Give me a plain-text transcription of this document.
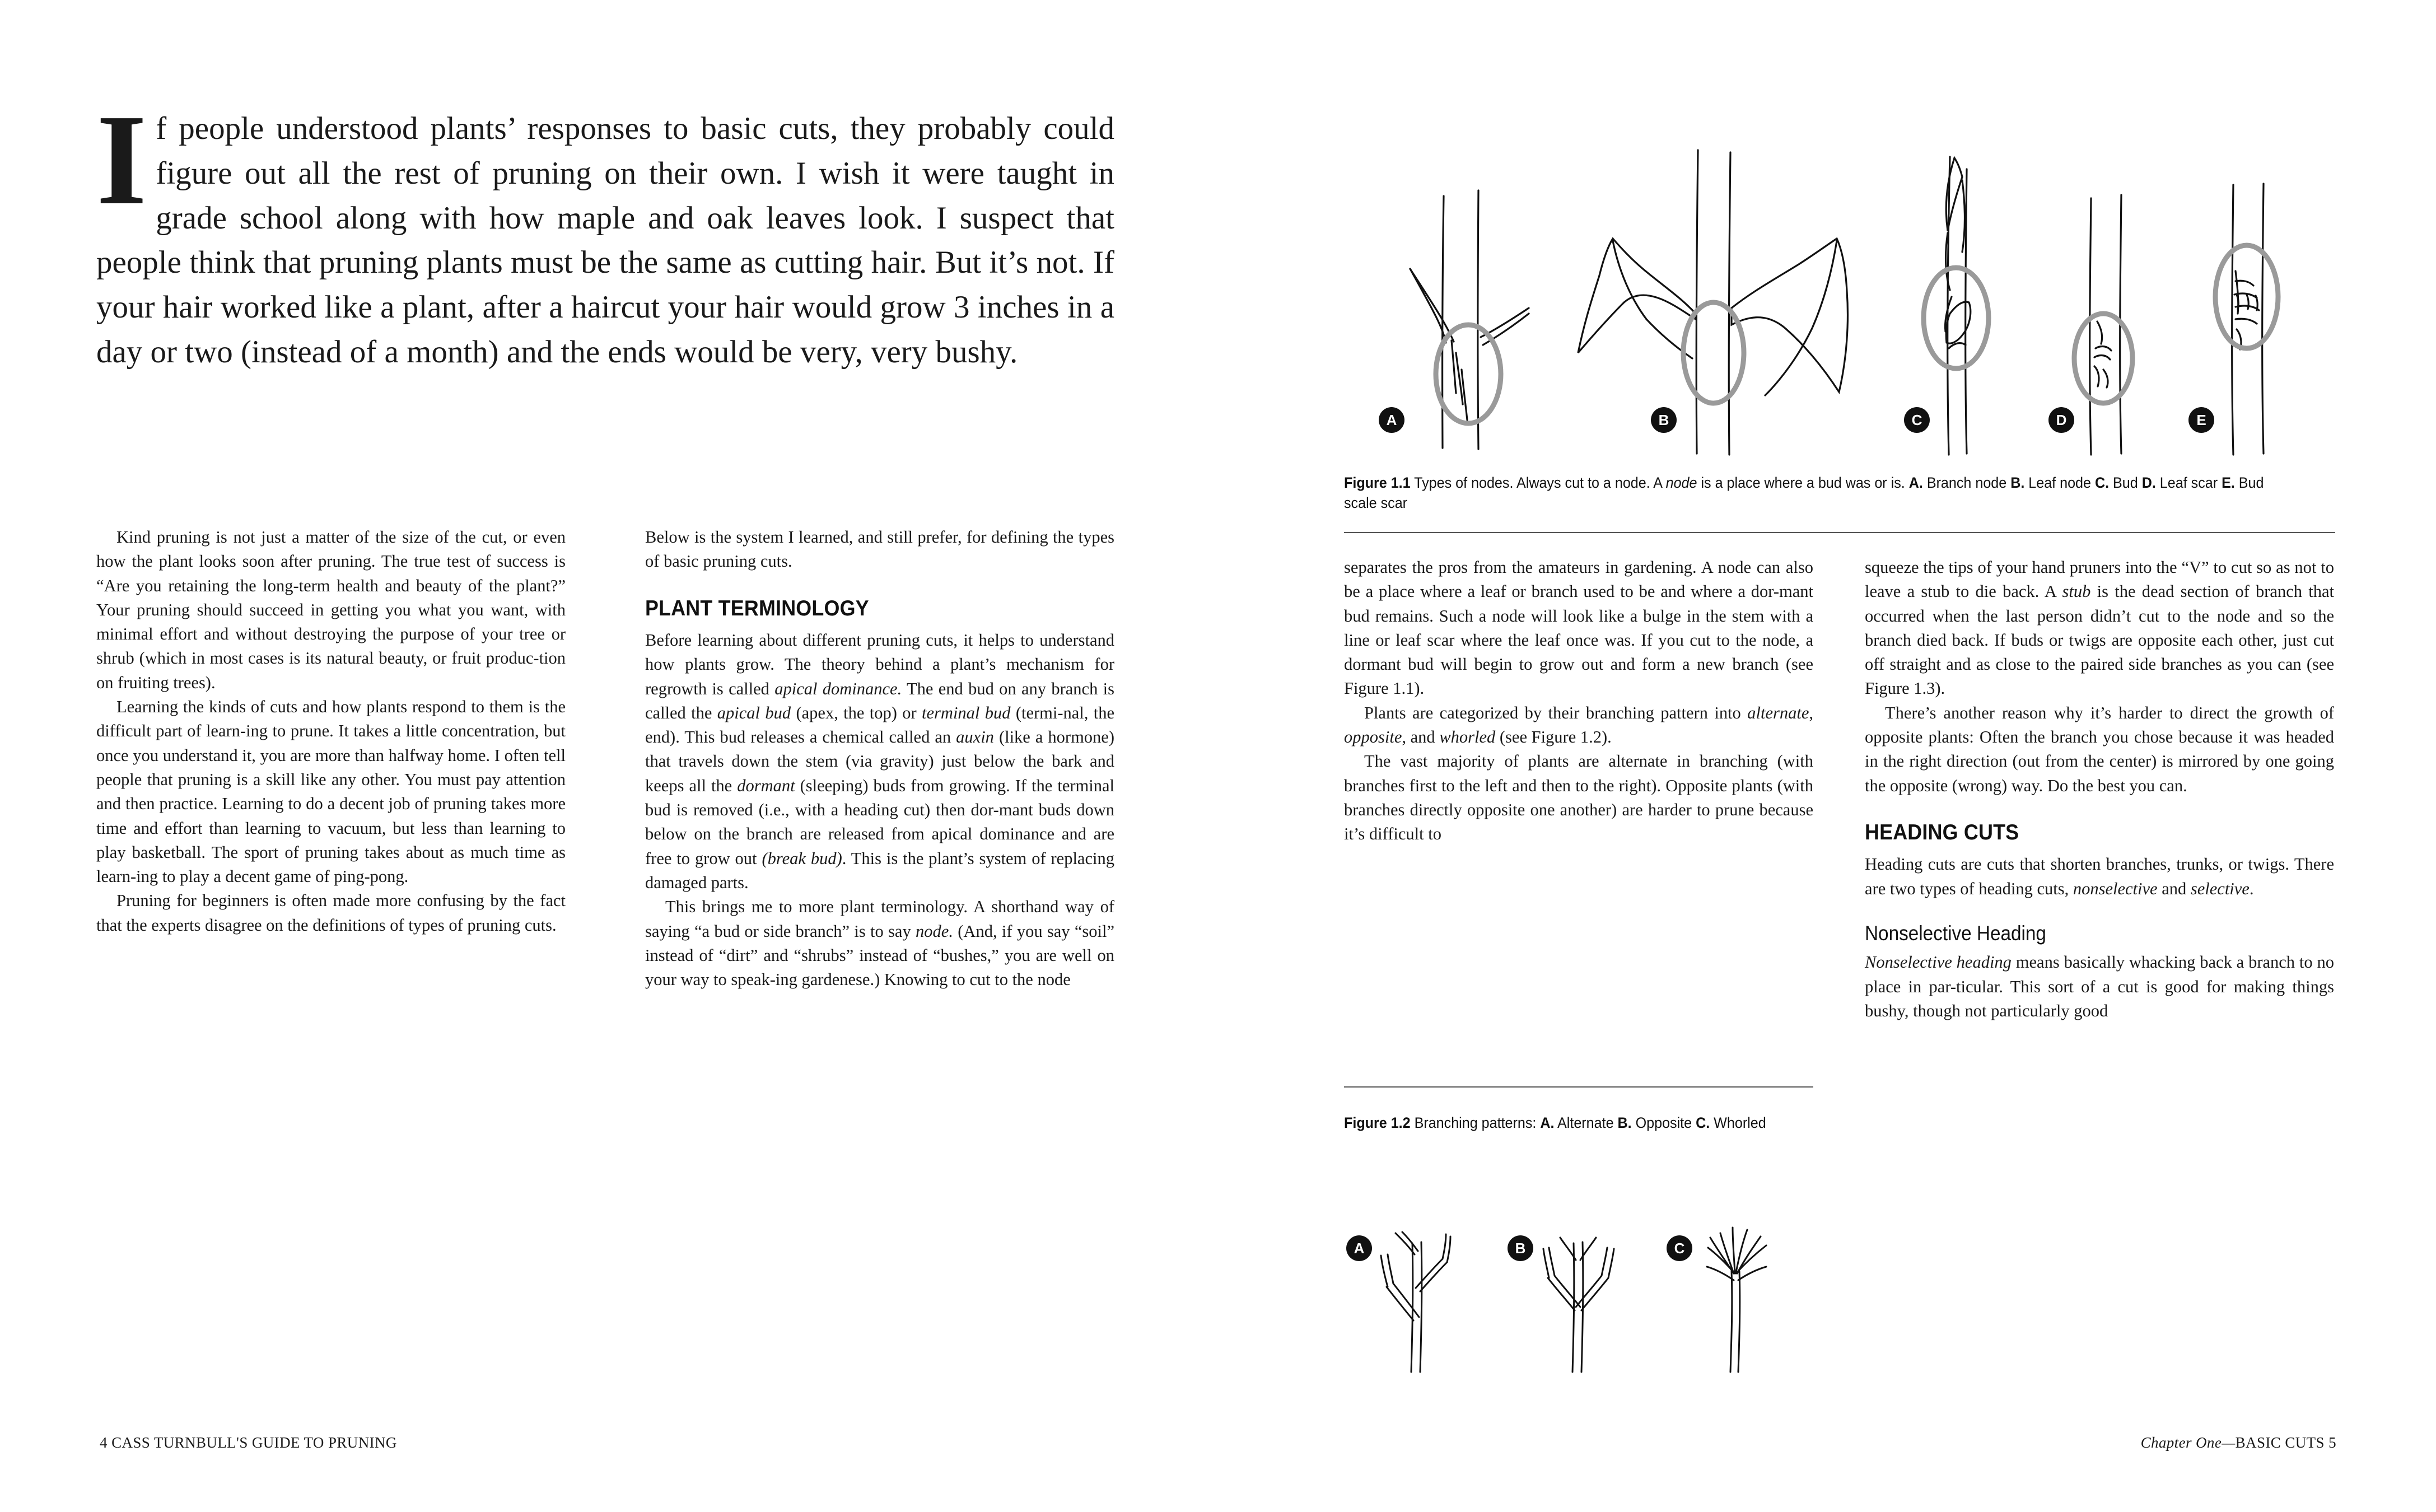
If people understood plants’ responses to basic cuts, they probably could figure out all the rest of pruning on their own. I wish it were taught in grade school along with how maple and oak leaves look. I suspect that people think that pruning plants must be the same as cutting hair. But it’s not. If your hair worked like a plant, after a haircut your hair would grow 3 inches in a day or two (instead of a month) and the ends would be very, very bushy.

Kind pruning is not just a matter of the size of the cut, or even how the plant looks soon after pruning. The true test of success is “Are you retaining the long-term health and beauty of the plant?” Your pruning should succeed in getting you what you want, with minimal effort and without destroying the purpose of your tree or shrub (which in most cases is its natural beauty, or fruit produc-tion on fruiting trees).

Learning the kinds of cuts and how plants respond to them is the difficult part of learn-ing to prune. It takes a little concentration, but once you understand it, you are more than halfway home. I often tell people that pruning is a skill like any other. You must pay attention and then practice. Learning to do a decent job of pruning takes more time and effort than learning to vacuum, but less than learning to play basketball. The sport of pruning takes about as much time as learn-ing to play a decent game of ping-pong.

Pruning for beginners is often made more confusing by the fact that the experts disagree on the definitions of types of pruning cuts.

Below is the system I learned, and still prefer, for defining the types of basic pruning cuts.

PLANT TERMINOLOGY

Before learning about different pruning cuts, it helps to understand how plants grow. The theory behind a plant’s mechanism for regrowth is called apical dominance. The end bud on any branch is called the apical bud (apex, the top) or terminal bud (termi-nal, the end). This bud releases a chemical called an auxin (like a hormone) that travels down the stem (via gravity) just below the bark and keeps all the dormant (sleeping) buds from growing. If the terminal bud is removed (i.e., with a heading cut) then dor-mant buds down below on the branch are released from apical dominance and are free to grow out (break bud). This is the plant’s system of replacing damaged parts.

This brings me to more plant terminology. A shorthand way of saying “a bud or side branch” is to say node. (And, if you say “soil” instead of “dirt” and “shrubs” instead of “bushes,” you are well on your way to speak-ing gardenese.) Knowing to cut to the node

4 CASS TURNBULL'S GUIDE TO PRUNING
A	B	C	D	E
Figure 1.1 Types of nodes. Always cut to a node. A node is a place where a bud was or is. A. Branch node B. Leaf node C. Bud D. Leaf scar E. Bud scale scar

separates the pros from the amateurs in gardening. A node can also be a place where a leaf or branch used to be and where a dor-mant bud remains. Such a node will look like a bulge in the stem with a line or leaf scar where the leaf once was. If you cut to the node, a dormant bud will begin to grow out and form a new branch (see Figure 1.1).

Plants are categorized by their branching pattern into alternate, opposite, and whorled (see Figure 1.2).

The vast majority of plants are alternate in branching (with branches first to the left and then to the right). Opposite plants (with branches directly opposite one another) are harder to prune because it’s difficult to

squeeze the tips of your hand pruners into the “V” to cut so as not to leave a stub to die back. A stub is the dead section of branch that occurred when the last person didn’t cut to the node and so the branch died back. If buds or twigs are opposite each other, just cut off straight and as close to the paired side branches as you can (see Figure 1.3).

There’s another reason why it’s harder to direct the growth of opposite plants: Often the branch you chose because it was headed in the right direction (out from the center) is mirrored by one going the opposite (wrong) way. Do the best you can.

HEADING CUTS

Heading cuts are cuts that shorten branches, trunks, or twigs. There are two types of heading cuts, nonselective and selective.

Nonselective Heading

Nonselective heading means basically whacking back a branch to no place in par-ticular. This sort of a cut is good for making things bushy, though not particularly good

Figure 1.2 Branching patterns: A. Alternate B. Opposite C. Whorled
A	B	C
Chapter One—BASIC CUTS 5
